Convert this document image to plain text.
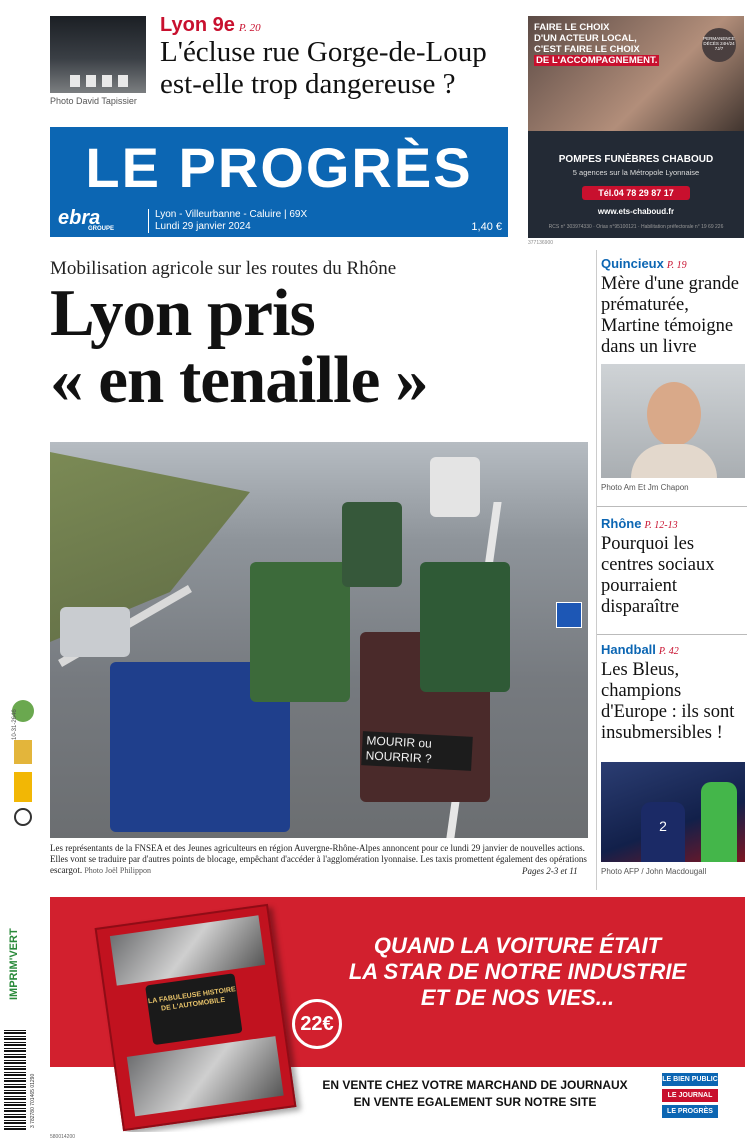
Photo David Tapissier
Lyon 9e P. 20
L'écluse rue Gorge-de-Loup est-elle trop dangereuse ?
LE PROGRÈS
ebra
GROUPE
Lyon - Villeurbanne - Caluire | 69X
Lundi 29 janvier 2024	1,40 €
FAIRE LE CHOIX
D'UN ACTEUR LOCAL,
C'EST FAIRE LE CHOIX
DE L'ACCOMPAGNEMENT.
PERMANENCE DÉCÈS 24H/24 7J/7
POMPES FUNÈBRES CHABOUD
5 agences sur la Métropole Lyonnaise
Tél.04 78 29 87 17
www.ets-chaboud.fr
RCS n° 303974330 · Orias n°95100121 · Habilitation préfectorale n° 19 69 226
377136900
Mobilisation agricole sur les routes du Rhône
Lyon pris
« en tenaille »
MOURIR ou NOURRIR ?
Les représentants de la FNSEA et des Jeunes agriculteurs en région Auvergne-Rhône-Alpes annoncent pour ce lundi 29 janvier de nouvelles actions. Elles vont se traduire par d'autres points de blocage, empêchant d'accéder à l'agglomération lyonnaise. Les taxis promettent également des opérations escargot. Photo Joël Philippon	Pages 2-3 et 11
Quincieux P. 19
Mère d'une grande prématurée, Martine témoigne dans un livre
Photo Am Et Jm Chapon
Rhône P. 12-13
Pourquoi les centres sociaux pourraient disparaître
Handball P. 42
Les Bleus, champions d'Europe : ils sont insubmersibles !
2
Photo AFP / John Macdougall
IMPRIM'VERT
10-31-2646
3 782780 701465 01290
LA FABULEUSE HISTOIRE DE L'AUTOMOBILE
22€
QUAND LA VOITURE ÉTAIT
LA STAR DE NOTRE INDUSTRIE
ET DE NOS VIES...
EN VENTE CHEZ VOTRE MARCHAND DE JOURNAUX
EN VENTE EGALEMENT SUR NOTRE SITE
LE BIEN PUBLIC
LE JOURNAL
LE PROGRÈS
580014200
